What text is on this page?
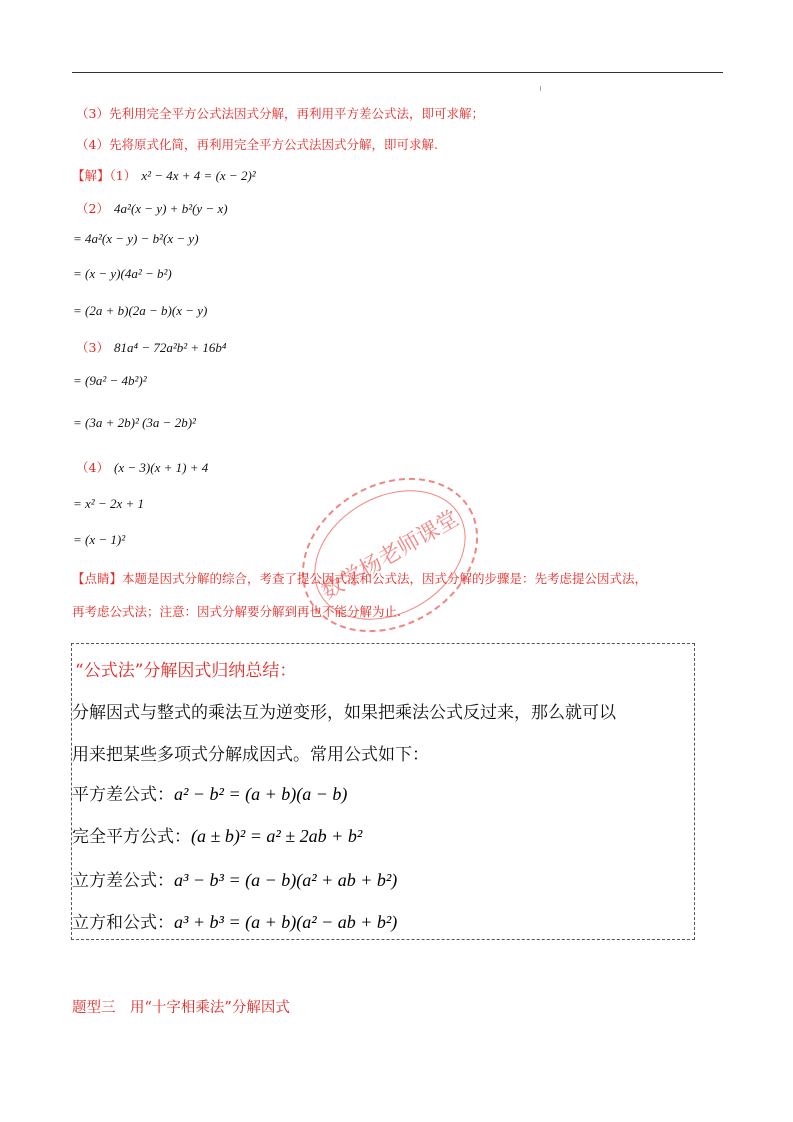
（3）先利用完全平方公式法因式分解，再利用平方差公式法，即可求解；
（4）先将原式化简，再利用完全平方公式法因式分解，即可求解.
【解】（1） x² − 4x + 4 = (x − 2)²
（2） 4a²(x − y) + b²(y − x)
= 4a²(x − y) − b²(x − y)
= (x − y)(4a² − b²)
= (2a + b)(2a − b)(x − y)
（3） 81a⁴ − 72a²b² + 16b⁴
= (9a² − 4b²)²
= (3a + 2b)² (3a − 2b)²
（4） (x − 3)(x + 1) + 4
= x² − 2x + 1
= (x − 1)²
【点睛】本题是因式分解的综合，考查了提公因式法和公式法，因式分解的步骤是：先考虑提公因式法，
再考虑公式法；注意：因式分解要分解到再也不能分解为止.
数学杨老师课堂
“公式法”分解因式归纳总结：
分解因式与整式的乘法互为逆变形，如果把乘法公式反过来，那么就可以
用来把某些多项式分解成因式。常用公式如下：
平方差公式：a² − b² = (a + b)(a − b)
完全平方公式：(a ± b)² = a² ± 2ab + b²
立方差公式：a³ − b³ = (a − b)(a² + ab + b²)
立方和公式：a³ + b³ = (a + b)(a² − ab + b²)
题型三　用“十字相乘法”分解因式
